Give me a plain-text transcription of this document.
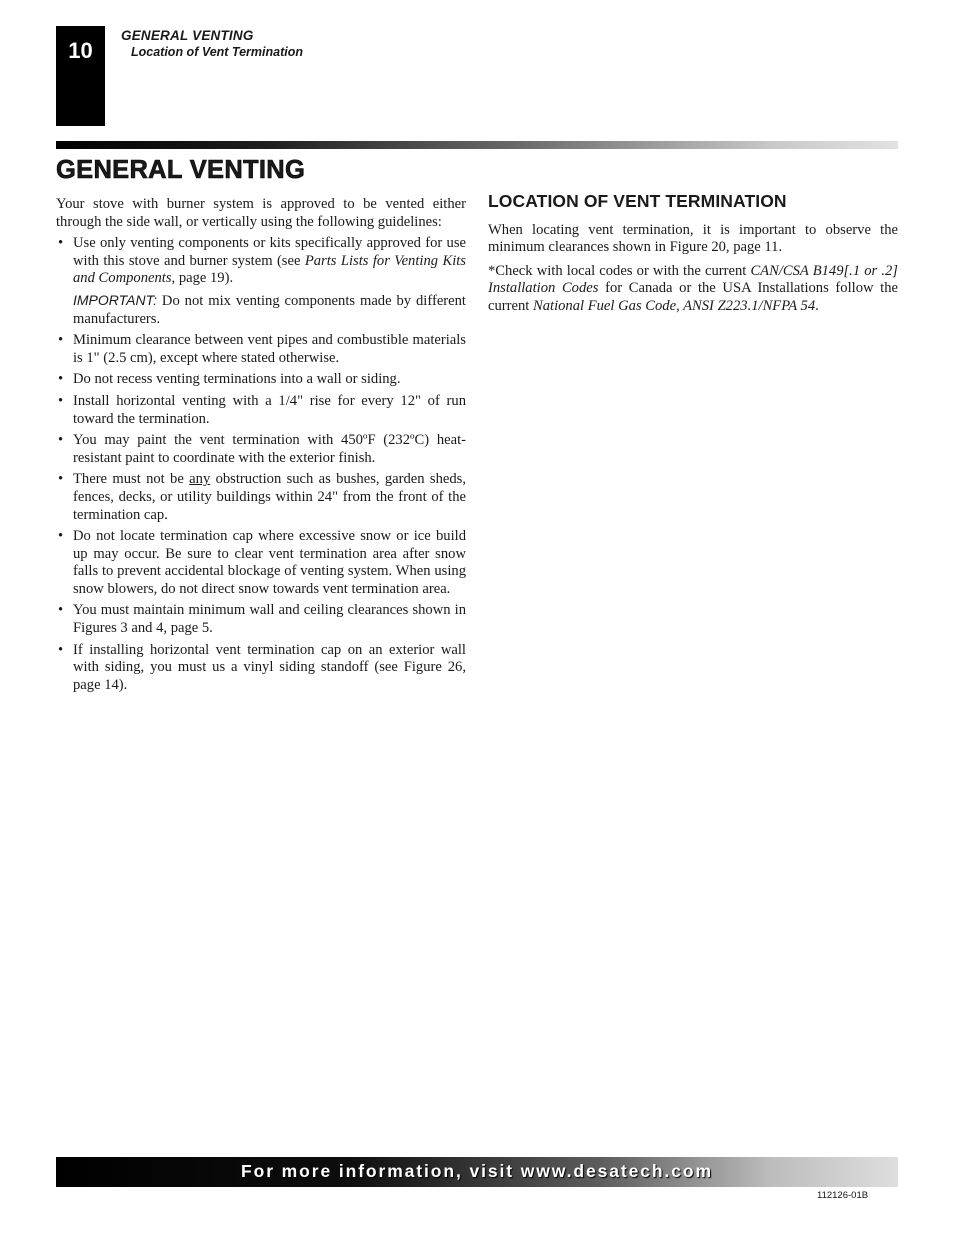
10
GENERAL VENTING
Location of Vent Termination
GENERAL VENTING

Your stove with burner system is approved to be vented either through the side wall, or vertically using the following guidelines:

• Use only venting components or kits specifically approved for use with this stove and burner system (see Parts Lists for Venting Kits and Components, page 19).

IMPORTANT: Do not mix venting components made by different manufacturers.

• Minimum clearance between vent pipes and combustible materials is 1" (2.5 cm), except where stated otherwise.
• Do not recess venting terminations into a wall or siding.
• Install horizontal venting with a 1/4" rise for every 12" of run toward the termination.
• You may paint the vent termination with 450ºF (232ºC) heat-resistant paint to coordinate with the exterior finish.
• There must not be any obstruction such as bushes, garden sheds, fences, decks, or utility buildings within 24" from the front of the termination cap.
• Do not locate termination cap where excessive snow or ice build up may occur. Be sure to clear vent termination area after snow falls to prevent accidental blockage of venting system. When using snow blowers, do not direct snow towards vent termination area.
• You must maintain minimum wall and ceiling clearances shown in Figures 3 and 4, page 5.
• If installing horizontal vent termination cap on an exterior wall with siding, you must us a vinyl siding standoff (see Figure 26, page 14).
LOCATION OF VENT TERMINATION

When locating vent termination, it is important to observe the minimum clearances shown in Figure 20, page 11.

*Check with local codes or with the current CAN/CSA B149[.1 or .2] Installation Codes for Canada or the USA Installations follow the current National Fuel Gas Code, ANSI Z223.1/NFPA 54.

For more information, visit www.desatech.com
112126-01B
